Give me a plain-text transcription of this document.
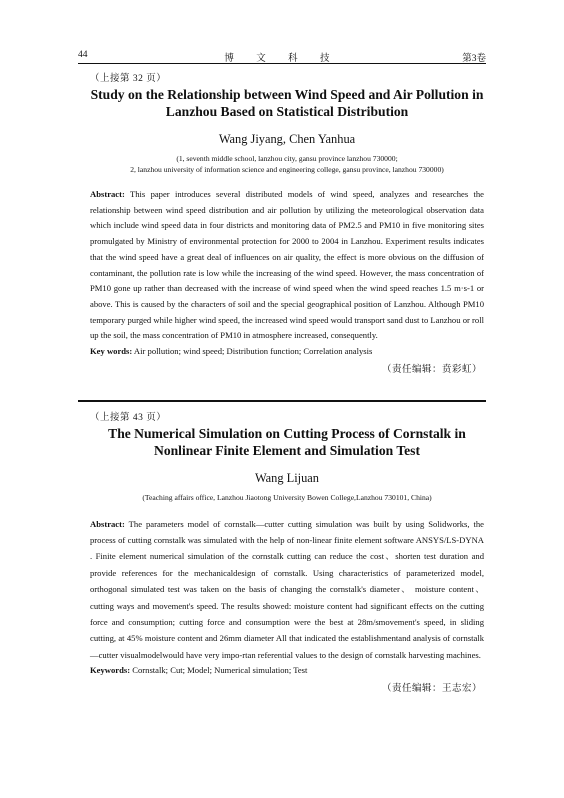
44	博 文 科 技	第3卷

（上接第 32 页）

Study on the Relationship between Wind Speed and Air Pollution in
Lanzhou Based on Statistical Distribution

Wang Jiyang, Chen Yanhua

(1, seventh middle school, lanzhou city, gansu province lanzhou 730000;
2, lanzhou university of information science and engineering college, gansu province, lanzhou 730000)

Abstract: This paper introduces several distributed models of wind speed, analyzes and researches the relationship between wind speed distribution and air pollution by utilizing the meteorological observation data which include wind speed data in four districts and monitoring data of PM2.5 and PM10 in five monitoring sites promulgated by Ministry of environmental protection for 2000 to 2004 in Lanzhou. Experiment results indicates that the wind speed have a great deal of influences on air quality, the effect is more obvious on the diffusion of contaminant, the pollution rate is low while the increasing of the wind speed. However, the mass concentration of PM10 gone up rather than decreased with the increase of wind speed when the wind speed reaches 1.5 m·s-1 or above. This is caused by the characters of soil and the special geographical position of Lanzhou. Although PM10 temporary purged while higher wind speed, the increased wind speed would transport sand dust to Lanzhou or roll up the soil, the mass concentration of PM10 in atmosphere increased, consequently.

Key words: Air pollution; wind speed; Distribution function; Correlation analysis

（责任编辑：贲彩虹）

（上接第 43 页）

The Numerical Simulation on Cutting Process of Cornstalk in
Nonlinear Finite Element and Simulation Test

Wang Lijuan

(Teaching affairs office, Lanzhou Jiaotong University Bowen College,Lanzhou 730101, China)

Abstract: The parameters model of cornstalk—cutter cutting simulation was built by using Solidworks, the process of cutting cornstalk was simulated with the help of non-linear finite element software ANSYS/LS-DYNA . Finite element numerical simulation of the cornstalk cutting can reduce the cost、shorten test duration and provide references for the mechanicaldesign of cornstalk. Using characteristics of parameterized model, orthogonal simulated test was taken on the basis of changing the cornstalk's diameter、 moisture content、 cutting ways and movement's speed. The results showed: moisture content had significant effects on the cutting force and consumption; cutting force and consumption were the best at 28m/smovement's speed, in sliding cutting, at 45% moisture content and 26mm diameter All that indicated the establishmentand analysis of cornstalk—cutter visualmodelwould have very impo-rtan referential values to the design of cornstalk harvesting machines.

Keywords: Cornstalk; Cut; Model; Numerical simulation; Test

（责任编辑：王志宏）
